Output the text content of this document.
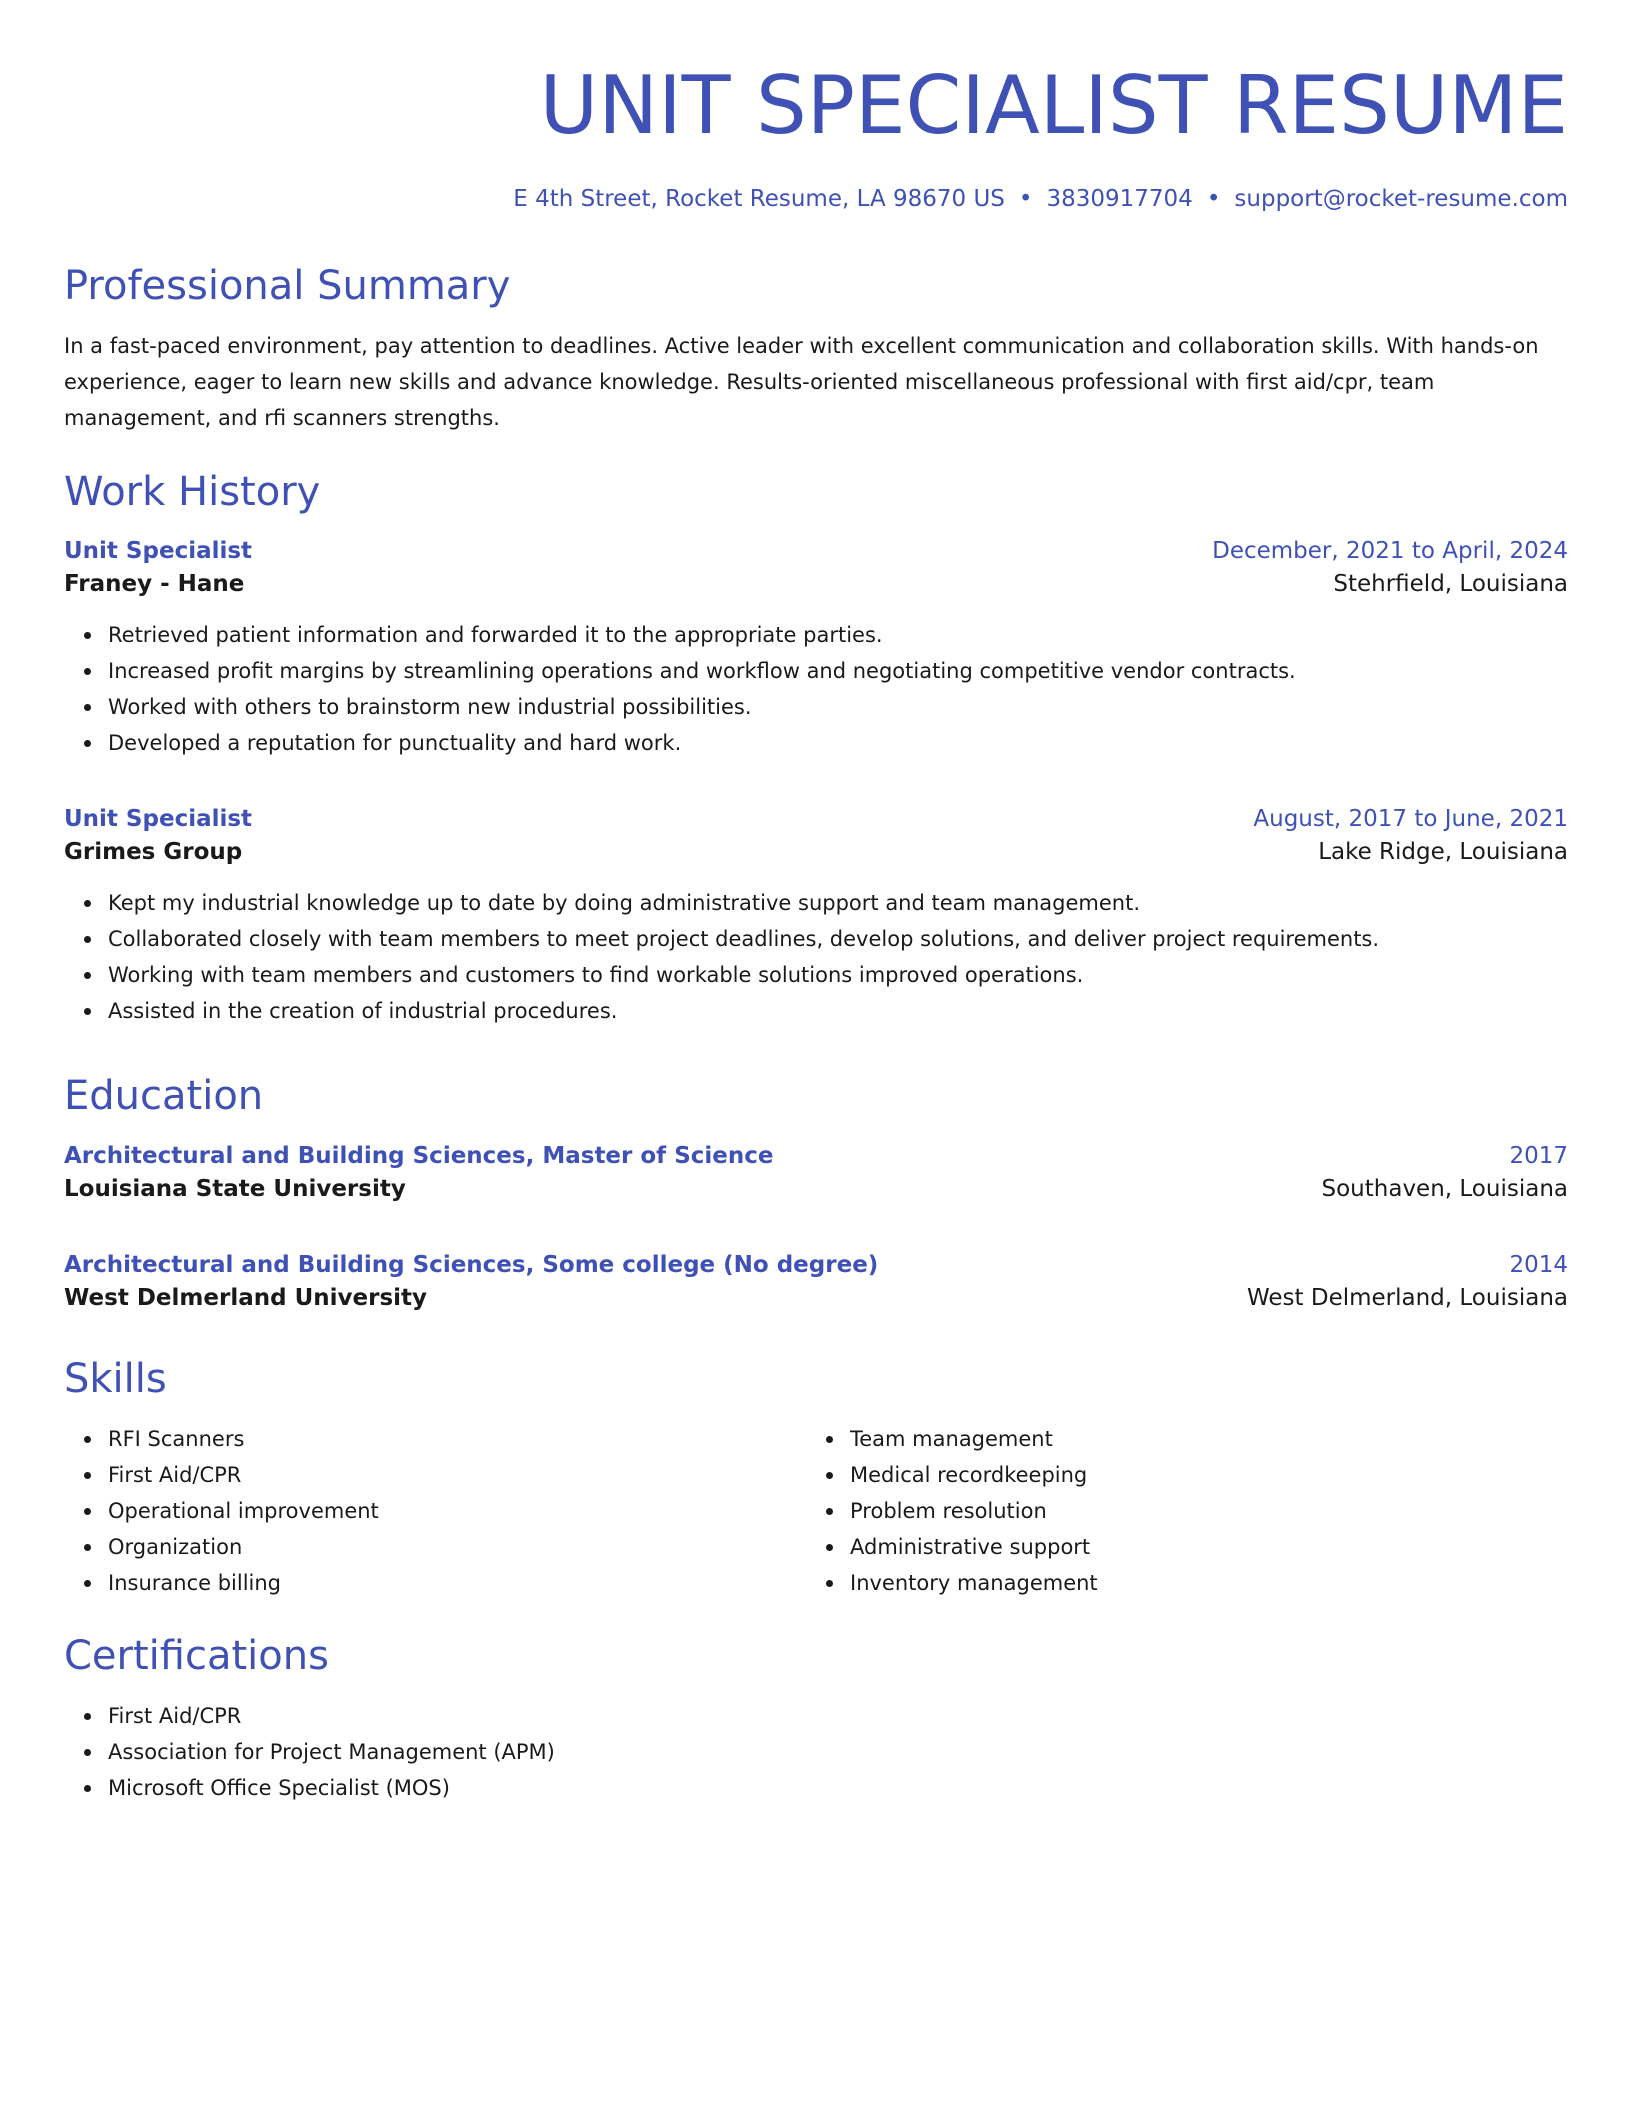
UNIT SPECIALIST RESUME
E 4th Street, Rocket Resume, LA 98670 US • 3830917704 • support@rocket-resume.com
Professional Summary

In a fast-paced environment, pay attention to deadlines. Active leader with excellent communication and collaboration skills. With hands-on experience, eager to learn new skills and advance knowledge. Results-oriented miscellaneous professional with first aid/cpr, team management, and rfi scanners strengths.

Work History
Unit Specialist	December, 2021 to April, 2024
Franey - Hane	Stehrfield, Louisiana
Retrieved patient information and forwarded it to the appropriate parties.
Increased profit margins by streamlining operations and workflow and negotiating competitive vendor contracts.
Worked with others to brainstorm new industrial possibilities.
Developed a reputation for punctuality and hard work.
Unit Specialist	August, 2017 to June, 2021
Grimes Group	Lake Ridge, Louisiana
Kept my industrial knowledge up to date by doing administrative support and team management.
Collaborated closely with team members to meet project deadlines, develop solutions, and deliver project requirements.
Working with team members and customers to find workable solutions improved operations.
Assisted in the creation of industrial procedures.
Education
Architectural and Building Sciences, Master of Science	2017
Louisiana State University	Southaven, Louisiana
Architectural and Building Sciences, Some college (No degree)	2014
West Delmerland University	West Delmerland, Louisiana
Skills
RFI Scanners
First Aid/CPR
Operational improvement
Organization
Insurance billing
Team management
Medical recordkeeping
Problem resolution
Administrative support
Inventory management
Certifications
First Aid/CPR
Association for Project Management (APM)
Microsoft Office Specialist (MOS)
